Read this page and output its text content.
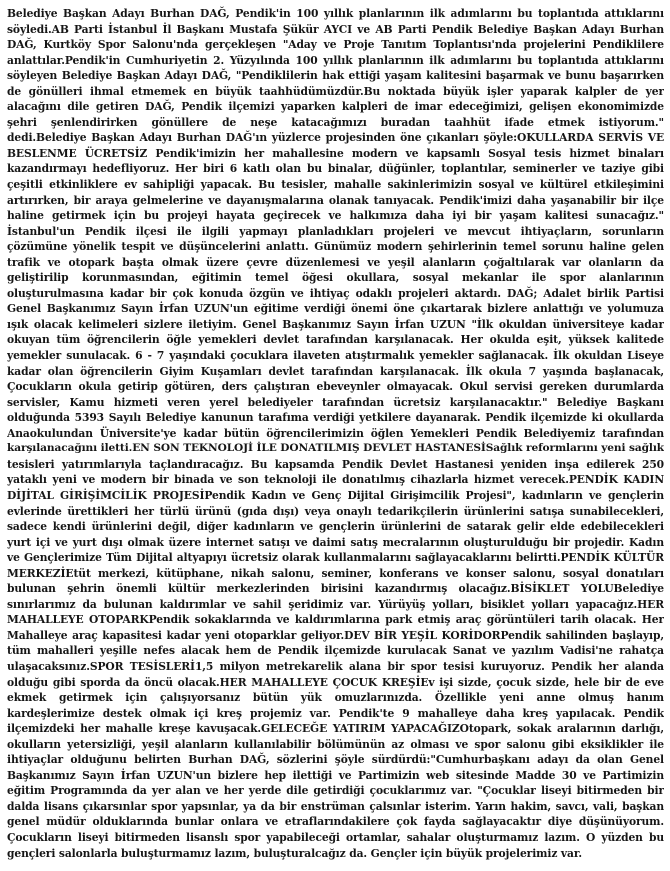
Belediye Başkan Adayı Burhan DAĞ, Pendik'in 100 yıllık planlarının ilk adımlarını bu toplantıda attıklarını
söyledi.AB Parti İstanbul İl Başkanı Mustafa Şükür AYCI ve AB Parti Pendik Belediye Başkan Adayı Burhan
DAĞ, Kurtköy Spor Salonu'nda gerçekleşen "Aday ve Proje Tanıtım Toplantısı'nda projelerini Pendiklilere
anlattılar.Pendik'in Cumhuriyetin 2. Yüzyılında 100 yıllık planlarının ilk adımlarını bu toplantıda attıklarını
söyleyen Belediye Başkan Adayı DAĞ, "Pendiklilerin hak ettiği yaşam kalitesini başarmak ve bunu başarırken
de gönülleri ihmal etmemek en büyük taahhüdümüzdür.Bu noktada büyük işler yaparak kalpler de yer
alacağını dile getiren DAĞ, Pendik ilçemizi yaparken kalpleri de imar edeceğimizi, gelişen ekonomimizde
şehri şenlendirirken gönüllere de neşe katacağımızı buradan taahhüt ifade etmek istiyorum."
dedi.Belediye Başkan Adayı Burhan DAĞ'ın yüzlerce projesinden öne çıkanları şöyle:OKULLARDA SERVİS VE
BESLENME ÜCRETSİZ Pendik'imizin her mahallesine modern ve kapsamlı Sosyal tesis hizmet binaları
kazandırmayı hedefliyoruz. Her biri 6 katlı olan bu binalar, düğünler, toplantılar, seminerler ve taziye gibi
çeşitli etkinliklere ev sahipliği yapacak. Bu tesisler, mahalle sakinlerimizin sosyal ve kültürel etkileşimini
artırırken, bir araya gelmelerine ve dayanışmalarına olanak tanıyacak. Pendik'imizi daha yaşanabilir bir ilçe
haline getirmek için bu projeyi hayata geçirecek ve halkımıza daha iyi bir yaşam kalitesi sunacağız."
İstanbul'un Pendik ilçesi ile ilgili yapmayı planladıkları projeleri ve mevcut ihtiyaçların, sorunların
çözümüne yönelik tespit ve düşüncelerini anlattı. Günümüz modern şehirlerinin temel sorunu haline gelen
trafik ve otopark başta olmak üzere çevre düzenlemesi ve yeşil alanların çoğaltılarak var olanların da
geliştirilip korunmasından, eğitimin temel öğesi okullara, sosyal mekanlar ile spor alanlarının
oluşturulmasına kadar bir çok konuda özgün ve ihtiyaç odaklı projeleri aktardı. DAĞ; Adalet birlik Partisi
Genel Başkanımız Sayın İrfan UZUN'un eğitime verdiği önemi öne çıkartarak bizlere anlattığı ve yolumuza
ışık olacak kelimeleri sizlere iletiyim. Genel Başkanımız Sayın İrfan UZUN "İlk okuldan üniversiteye kadar
okuyan tüm öğrencilerin öğle yemekleri devlet tarafından karşılanacak. Her okulda eşit, yüksek kalitede
yemekler sunulacak. 6 - 7 yaşındaki çocuklara ilaveten atıştırmalık yemekler sağlanacak. İlk okuldan Liseye
kadar olan öğrencilerin Giyim Kuşamları devlet tarafından karşılanacak. İlk okula 7 yaşında başlanacak,
Çocukların okula getirip götüren, ders çalıştıran ebeveynler olmayacak. Okul servisi gereken durumlarda
servisler, Kamu hizmeti veren yerel belediyeler tarafından ücretsiz karşılanacaktır." Belediye Başkanı
olduğunda 5393 Sayılı Belediye kanunun tarafıma verdiği yetkilere dayanarak. Pendik ilçemizde ki okullarda
Anaokulundan Üniversite'ye kadar bütün öğrencilerimizin öğlen Yemekleri Pendik Belediyemiz tarafından
karşılanacağını iletti.EN SON TEKNOLOJİ İLE DONATILMIŞ DEVLET HASTANESİSağlık reformlarını yeni sağlık
tesisleri yatırımlarıyla taçlandıracağız. Bu kapsamda Pendik Devlet Hastanesi yeniden inşa edilerek 250
yataklı yeni ve modern bir binada ve son teknoloji ile donatılmış cihazlarla hizmet verecek.PENDİK KADIN
DİJİTAL GİRİŞİMCİLİK PROJESİPendik Kadın ve Genç Dijital Girişimcilik Projesi", kadınların ve gençlerin
evlerinde ürettikleri her türlü ürünü (gıda dışı) veya onaylı tedarikçilerin ürünlerini satışa sunabilecekleri,
sadece kendi ürünlerini değil, diğer kadınların ve gençlerin ürünlerini de satarak gelir elde edebilecekleri
yurt içi ve yurt dışı olmak üzere internet satışı ve daimi satış mecralarının oluşturulduğu bir projedir. Kadın
ve Gençlerimize Tüm Dijital altyapıyı ücretsiz olarak kullanmalarını sağlayacaklarını belirtti.PENDİK KÜLTÜR
MERKEZİEtüt merkezi, kütüphane, nikah salonu, seminer, konferans ve konser salonu, sosyal donatıları
bulunan şehrin önemli kültür merkezlerinden birisini kazandırmış olacağız.BİSİKLET YOLUBelediye
sınırlarımız da bulunan kaldırımlar ve sahil şeridimiz var. Yürüyüş yolları, bisiklet yolları yapacağız.HER
MAHALLEYE OTOPARKPendik sokaklarında ve kaldırımlarına park etmiş araç görüntüleri tarih olacak. Her
Mahalleye araç kapasitesi kadar yeni otoparklar geliyor.DEV BİR YEŞİL KORİDORPendik sahilinden başlayıp,
tüm mahalleri yeşille nefes alacak hem de Pendik ilçemizde kurulacak Sanat ve yazılım Vadisi'ne rahatça
ulaşacaksınız.SPOR TESİSLERİ1,5 milyon metrekarelik alana bir spor tesisi kuruyoruz. Pendik her alanda
olduğu gibi sporda da öncü olacak.HER MAHALLEYE ÇOCUK KREŞİEv işi sizde, çocuk sizde, hele bir de eve
ekmek getirmek için çalışıyorsanız bütün yük omuzlarınızda. Özellikle yeni anne olmuş hanım
kardeşlerimize destek olmak içi kreş projemiz var. Pendik'te 9 mahalleye daha kreş yapılacak. Pendik
ilçemizdeki her mahalle kreşe kavuşacak.GELECEĞE YATIRIM YAPACAĞIZOtopark, sokak aralarının darlığı,
okulların yetersizliği, yeşil alanların kullanılabilir bölümünün az olması ve spor salonu gibi eksiklikler ile
ihtiyaçlar olduğunu belirten Burhan DAĞ, sözlerini şöyle sürdürdü:"Cumhurbaşkanı adayı da olan Genel
Başkanımız Sayın İrfan UZUN'un bizlere hep ilettiği ve Partimizin web sitesinde Madde 30 ve Partimizin
eğitim Programında da yer alan ve her yerde dile getirdiği çocuklarımız var. "Çocuklar liseyi bitirmeden bir
dalda lisans çıkarsınlar spor yapsınlar, ya da bir enstrüman çalsınlar isterim. Yarın hakim, savcı, vali, başkan
genel müdür olduklarında bunlar onlara ve etraflarındakilere çok fayda sağlayacaktır diye düşünüyorum.
Çocukların liseyi bitirmeden lisanslı spor yapabileceği ortamlar, sahalar oluşturmamız lazım. O yüzden bu
gençleri salonlarla buluşturmamız lazım, buluşturalcağız da. Gençler için büyük projelerimiz var.
